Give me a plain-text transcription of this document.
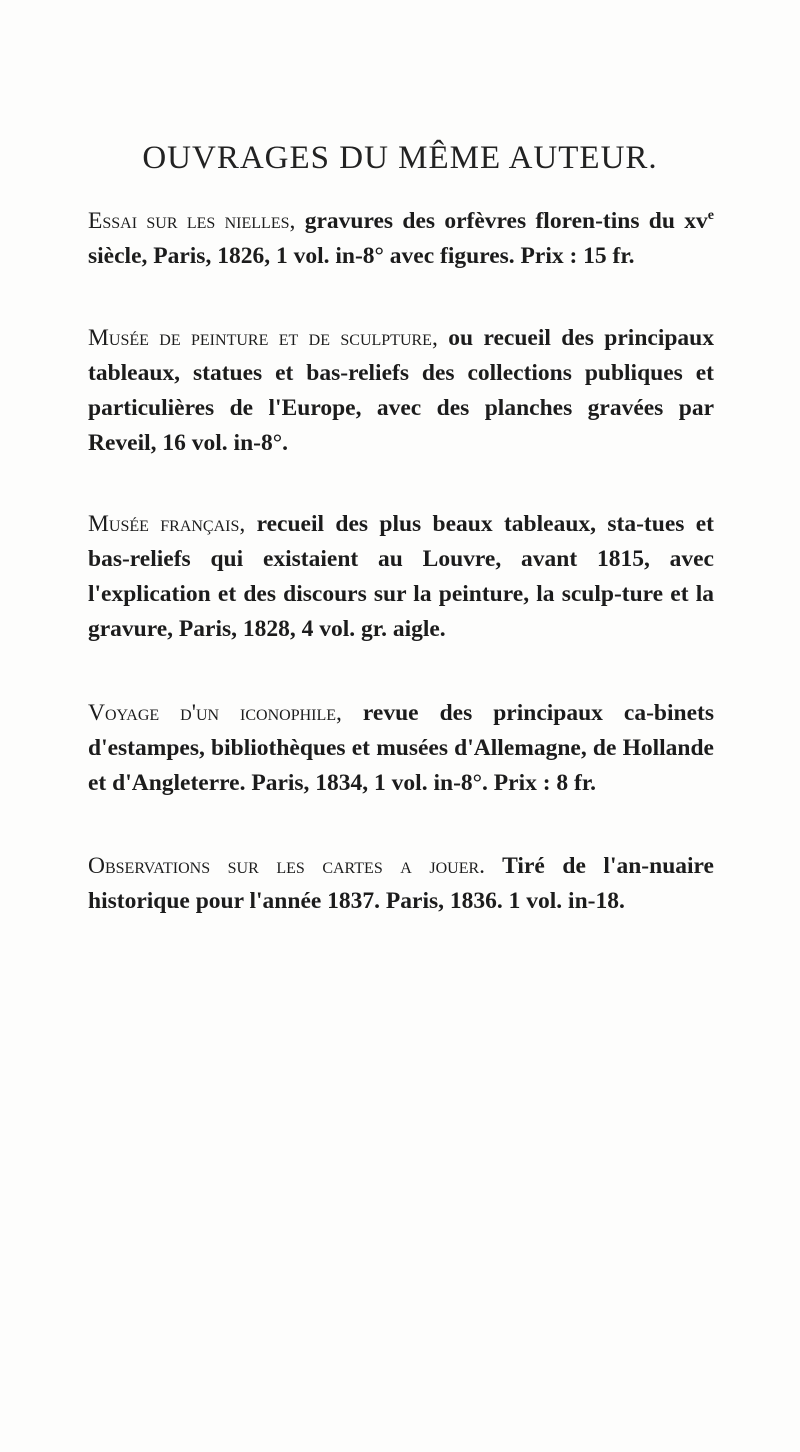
OUVRAGES DU MÊME AUTEUR.

Essai sur les nielles, gravures des orfèvres floren-tins du $xv^e$ siècle, Paris, 1826, 1 vol. in-8° avec figures. Prix : 15 fr.

Musée de peinture et de sculpture, ou recueil des principaux tableaux, statues et bas-reliefs des collections publiques et particulières de l'Europe, avec des planches gravées par Reveil, 16 vol. in-8°.

Musée français, recueil des plus beaux tableaux, sta-tues et bas-reliefs qui existaient au Louvre, avant 1815, avec l'explication et des discours sur la peinture, la sculp-ture et la gravure, Paris, 1828, 4 vol. gr. aigle.

Voyage d'un iconophile, revue des principaux ca-binets d'estampes, bibliothèques et musées d'Allemagne, de Hollande et d'Angleterre. Paris, 1834, 1 vol. in-8°. Prix : 8 fr.

Observations sur les cartes a jouer. Tiré de l'an-nuaire historique pour l'année 1837. Paris, 1836. 1 vol. in-18.
